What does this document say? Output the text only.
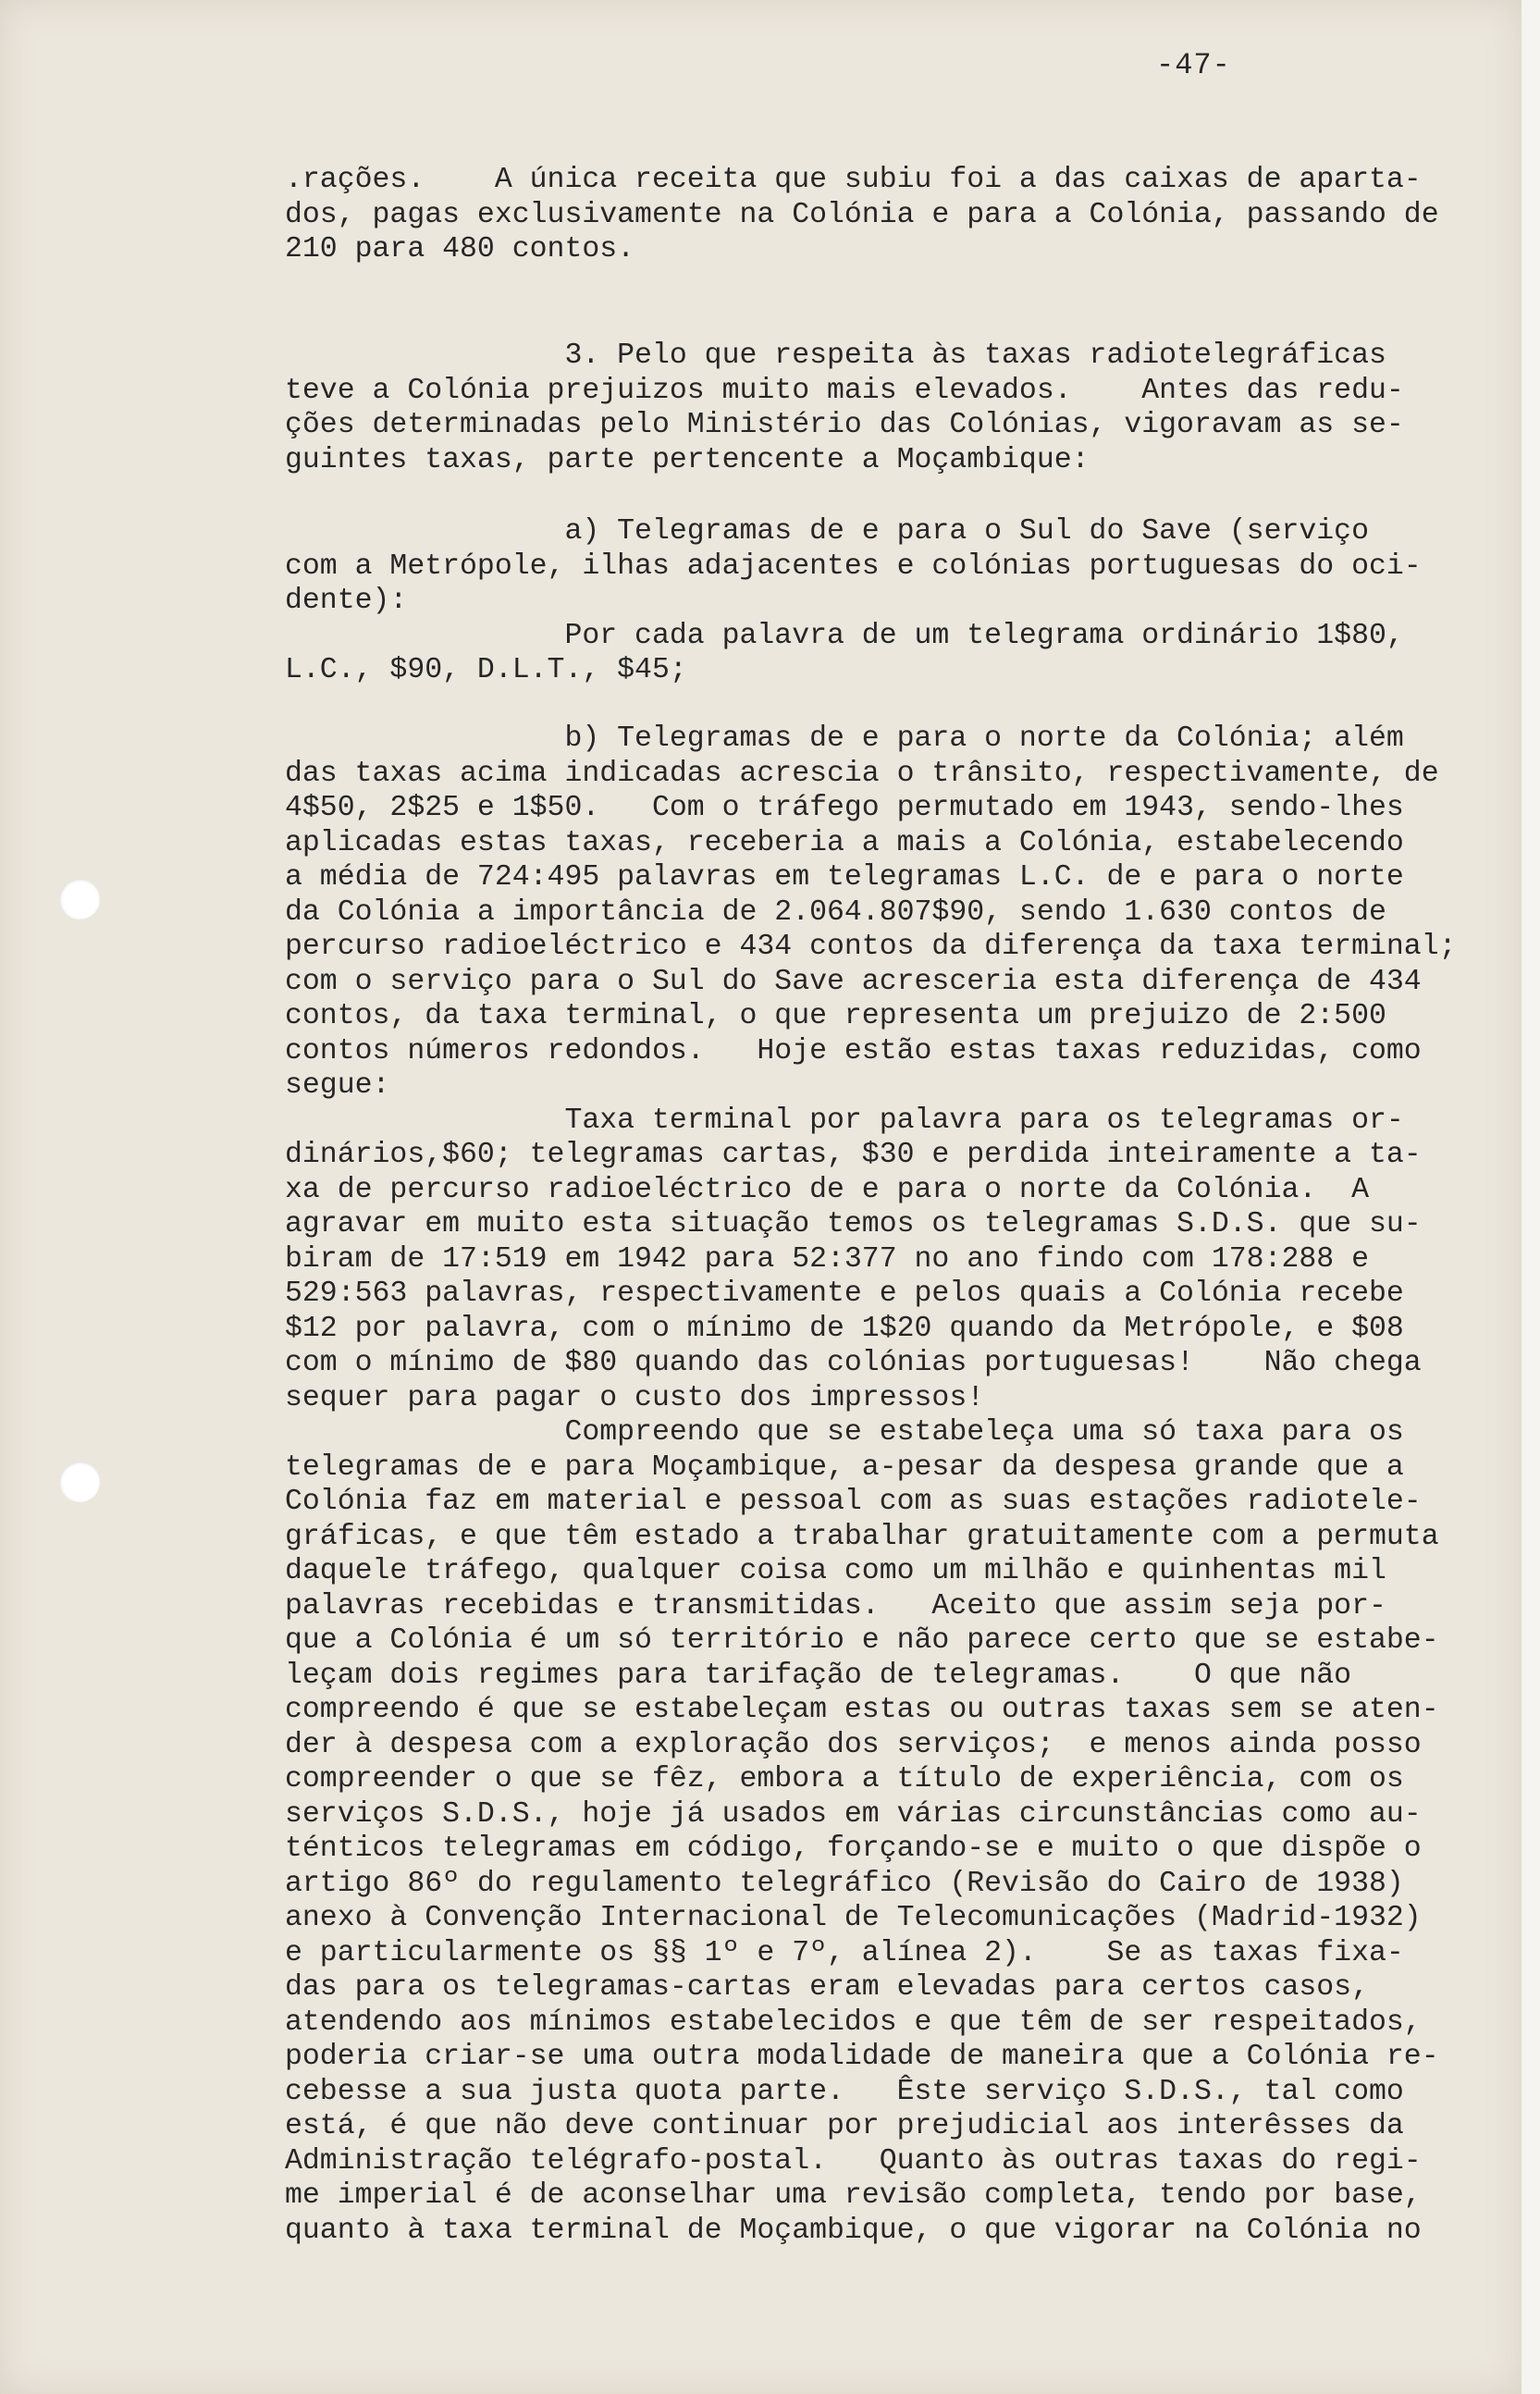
-47-
.rações.    A única receita que subiu foi a das caixas de aparta-
dos, pagas exclusivamente na Colónia e para a Colónia, passando de
210 para 480 contos.
3. Pelo que respeita às taxas radiotelegráficas
teve a Colónia prejuizos muito mais elevados.    Antes das redu-
ções determinadas pelo Ministério das Colónias, vigoravam as se-
guintes taxas, parte pertencente a Moçambique:
a) Telegramas de e para o Sul do Save (serviço
com a Metrópole, ilhas adajacentes e colónias portuguesas do oci-
dente):
Por cada palavra de um telegrama ordinário 1$80,
L.C., $90, D.L.T., $45;
b) Telegramas de e para o norte da Colónia; além
das taxas acima indicadas acrescia o trânsito, respectivamente, de
4$50, 2$25 e 1$50.   Com o tráfego permutado em 1943, sendo-lhes
aplicadas estas taxas, receberia a mais a Colónia, estabelecendo
a média de 724:495 palavras em telegramas L.C. de e para o norte
da Colónia a importância de 2.064.807$90, sendo 1.630 contos de
percurso radioeléctrico e 434 contos da diferença da taxa terminal;
com o serviço para o Sul do Save acresceria esta diferença de 434
contos, da taxa terminal, o que representa um prejuizo de 2:500
contos números redondos.   Hoje estão estas taxas reduzidas, como
segue:
Taxa terminal por palavra para os telegramas or-
dinários,$60; telegramas cartas, $30 e perdida inteiramente a ta-
xa de percurso radioeléctrico de e para o norte da Colónia.  A
agravar em muito esta situação temos os telegramas S.D.S. que su-
biram de 17:519 em 1942 para 52:377 no ano findo com 178:288 e
529:563 palavras, respectivamente e pelos quais a Colónia recebe
$12 por palavra, com o mínimo de 1$20 quando da Metrópole, e $08
com o mínimo de $80 quando das colónias portuguesas!    Não chega
sequer para pagar o custo dos impressos!
Compreendo que se estabeleça uma só taxa para os
telegramas de e para Moçambique, a-pesar da despesa grande que a
Colónia faz em material e pessoal com as suas estações radiotele-
gráficas, e que têm estado a trabalhar gratuitamente com a permuta
daquele tráfego, qualquer coisa como um milhão e quinhentas mil
palavras recebidas e transmitidas.   Aceito que assim seja por-
que a Colónia é um só território e não parece certo que se estabe-
leçam dois regimes para tarifação de telegramas.    O que não
compreendo é que se estabeleçam estas ou outras taxas sem se aten-
der à despesa com a exploração dos serviços;  e menos ainda posso
compreender o que se fêz, embora a título de experiência, com os
serviços S.D.S., hoje já usados em várias circunstâncias como au-
ténticos telegramas em código, forçando-se e muito o que dispõe o
artigo 86º do regulamento telegráfico (Revisão do Cairo de 1938)
anexo à Convenção Internacional de Telecomunicações (Madrid-1932)
e particularmente os §§ 1º e 7º, alínea 2).    Se as taxas fixa-
das para os telegramas-cartas eram elevadas para certos casos,
atendendo aos mínimos estabelecidos e que têm de ser respeitados,
poderia criar-se uma outra modalidade de maneira que a Colónia re-
cebesse a sua justa quota parte.   Êste serviço S.D.S., tal como
está, é que não deve continuar por prejudicial aos interêsses da
Administração telégrafo-postal.   Quanto às outras taxas do regi-
me imperial é de aconselhar uma revisão completa, tendo por base,
quanto à taxa terminal de Moçambique, o que vigorar na Colónia no
